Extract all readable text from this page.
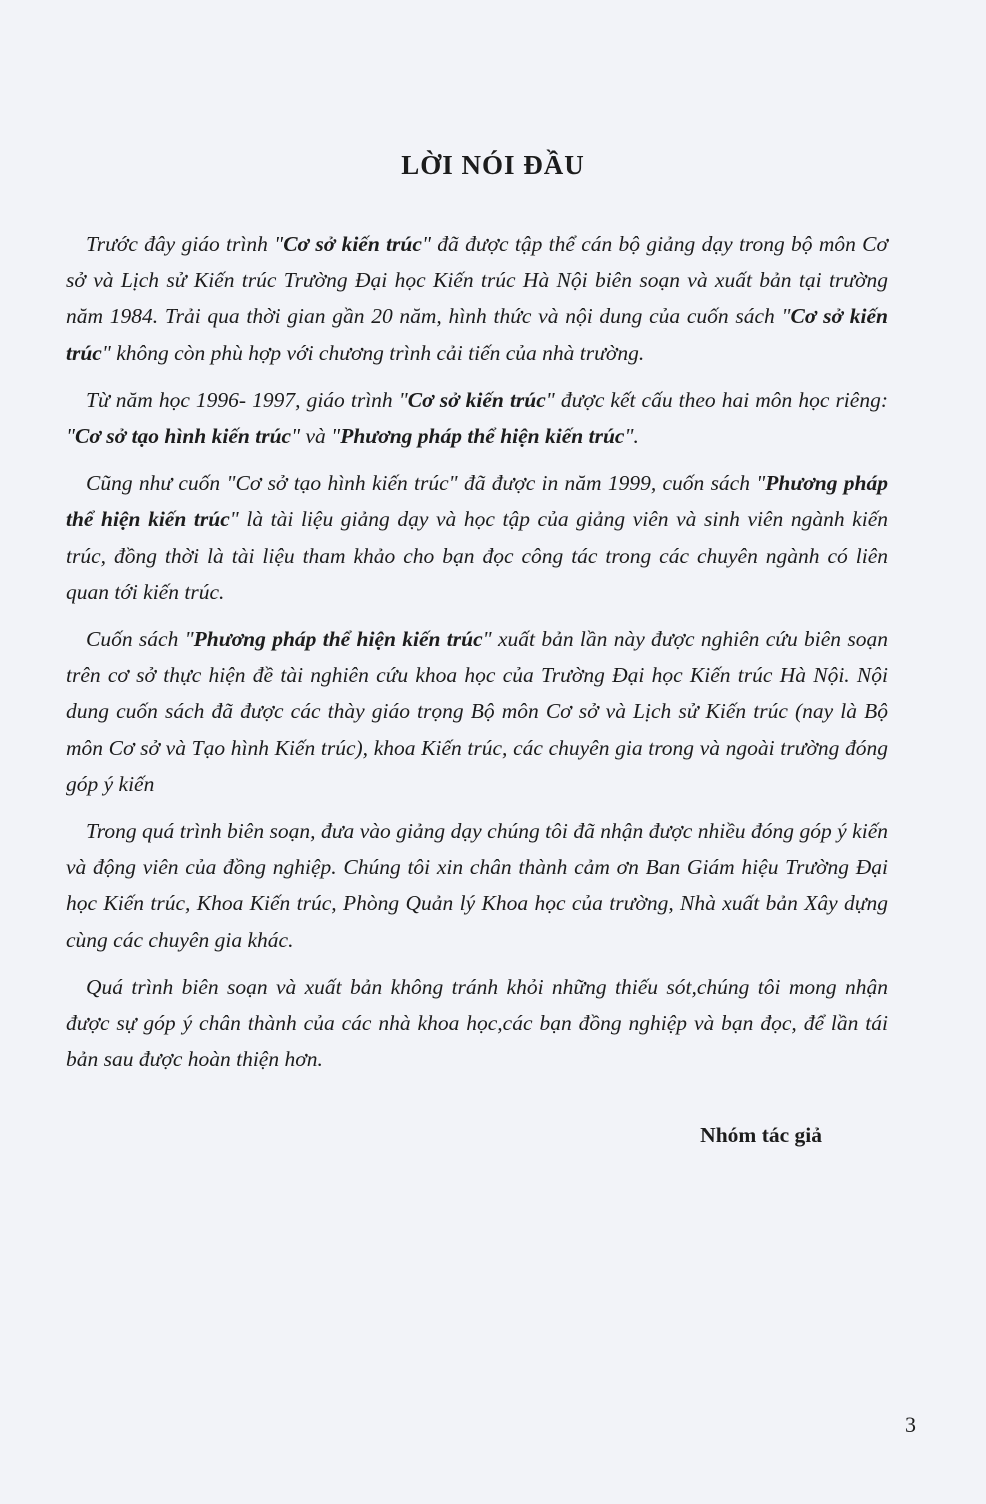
LỜI NÓI ĐẦU

Trước đây giáo trình "Cơ sở kiến trúc" đã được tập thể cán bộ giảng dạy trong bộ môn Cơ sở và Lịch sử Kiến trúc Trường Đại học Kiến trúc Hà Nội biên soạn và xuất bản tại trường năm 1984. Trải qua thời gian gần 20 năm, hình thức và nội dung của cuốn sách "Cơ sở kiến trúc" không còn phù hợp với chương trình cải tiến của nhà trường.

Từ năm học 1996- 1997, giáo trình "Cơ sở kiến trúc" được kết cấu theo hai môn học riêng: "Cơ sở tạo hình kiến trúc" và "Phương pháp thể hiện kiến trúc".

Cũng như cuốn "Cơ sở tạo hình kiến trúc" đã được in năm 1999, cuốn sách "Phương pháp thể hiện kiến trúc" là tài liệu giảng dạy và học tập của giảng viên và sinh viên ngành kiến trúc, đồng thời là tài liệu tham khảo cho bạn đọc công tác trong các chuyên ngành có liên quan tới kiến trúc.

Cuốn sách "Phương pháp thể hiện kiến trúc" xuất bản lần này được nghiên cứu biên soạn trên cơ sở thực hiện đề tài nghiên cứu khoa học của Trường Đại học Kiến trúc Hà Nội. Nội dung cuốn sách đã được các thày giáo trọng Bộ môn Cơ sở và Lịch sử Kiến trúc (nay là Bộ môn Cơ sở và Tạo hình Kiến trúc), khoa Kiến trúc, các chuyên gia trong và ngoài trường đóng góp ý kiến

Trong quá trình biên soạn, đưa vào giảng dạy chúng tôi đã nhận được nhiều đóng góp ý kiến và động viên của đồng nghiệp. Chúng tôi xin chân thành cảm ơn Ban Giám hiệu Trường Đại học Kiến trúc, Khoa Kiến trúc, Phòng Quản lý Khoa học của trường, Nhà xuất bản Xây dựng cùng các chuyên gia khác.

Quá trình biên soạn và xuất bản không tránh khỏi những thiếu sót,chúng tôi mong nhận được sự góp ý chân thành của các nhà khoa học,các bạn đồng nghiệp và bạn đọc, để lần tái bản sau được hoàn thiện hơn.

Nhóm tác giả
3
